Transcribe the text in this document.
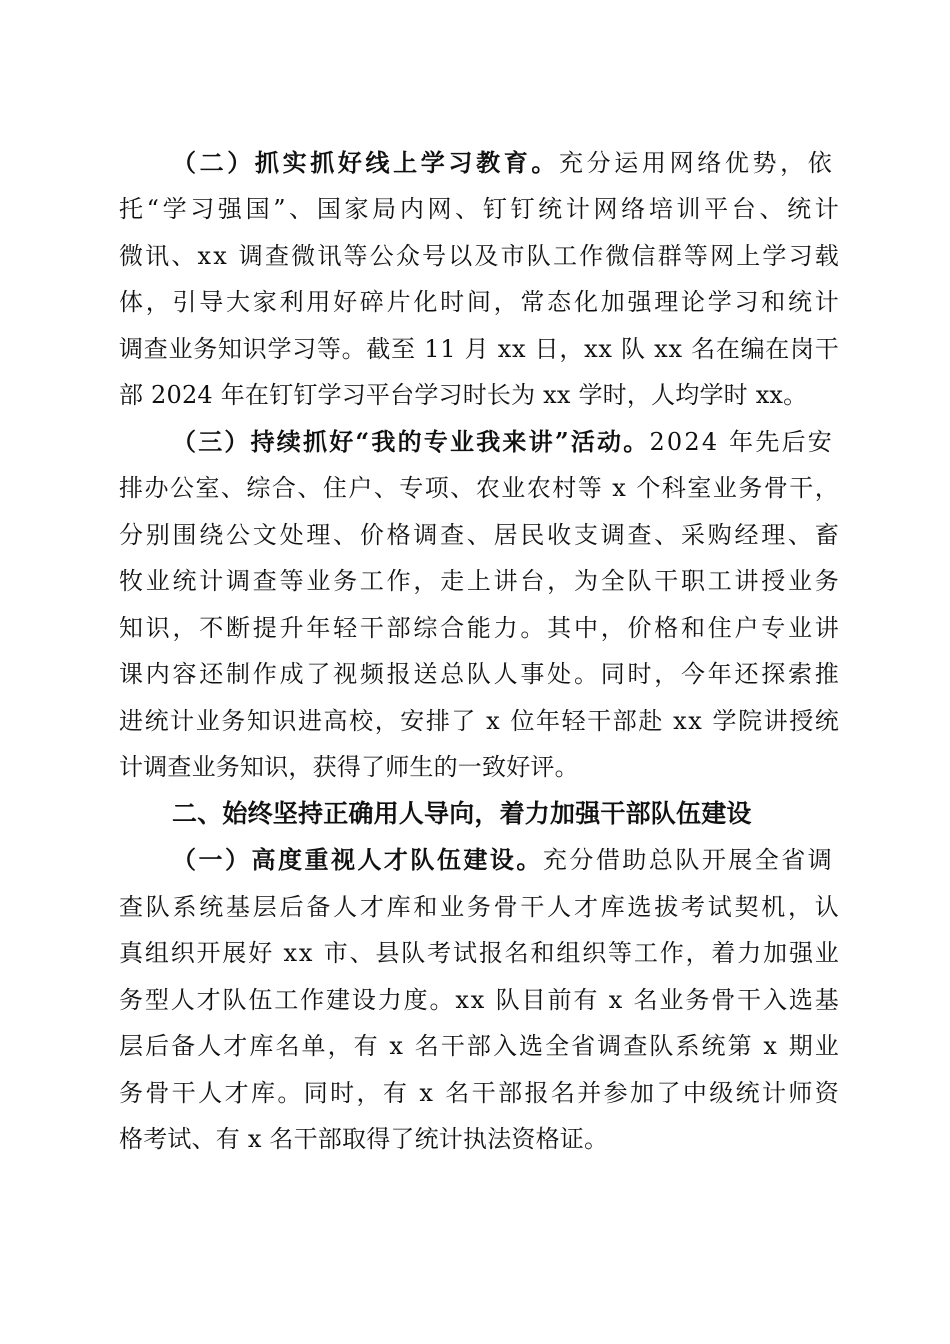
（二）抓实抓好线上学习教育。充分运用网络优势，依
托“学习强国”、国家局内网、钉钉统计网络培训平台、统计
微讯、xx 调查微讯等公众号以及市队工作微信群等网上学习载
体，引导大家利用好碎片化时间，常态化加强理论学习和统计
调查业务知识学习等。截至 11 月 xx 日，xx 队 xx 名在编在岗干
部 2024 年在钉钉学习平台学习时长为 xx 学时，人均学时 xx。
（三）持续抓好“我的专业我来讲”活动。2024 年先后安
排办公室、综合、住户、专项、农业农村等 x 个科室业务骨干，
分别围绕公文处理、价格调查、居民收支调查、采购经理、畜
牧业统计调查等业务工作，走上讲台，为全队干职工讲授业务
知识，不断提升年轻干部综合能力。其中，价格和住户专业讲
课内容还制作成了视频报送总队人事处。同时，今年还探索推
进统计业务知识进高校，安排了 x 位年轻干部赴 xx 学院讲授统
计调查业务知识，获得了师生的一致好评。
二、始终坚持正确用人导向，着力加强干部队伍建设
（一）高度重视人才队伍建设。充分借助总队开展全省调
查队系统基层后备人才库和业务骨干人才库选拔考试契机，认
真组织开展好 xx 市、县队考试报名和组织等工作，着力加强业
务型人才队伍工作建设力度。xx 队目前有 x 名业务骨干入选基
层后备人才库名单，有 x 名干部入选全省调查队系统第 x 期业
务骨干人才库。同时，有 x 名干部报名并参加了中级统计师资
格考试、有 x 名干部取得了统计执法资格证。
